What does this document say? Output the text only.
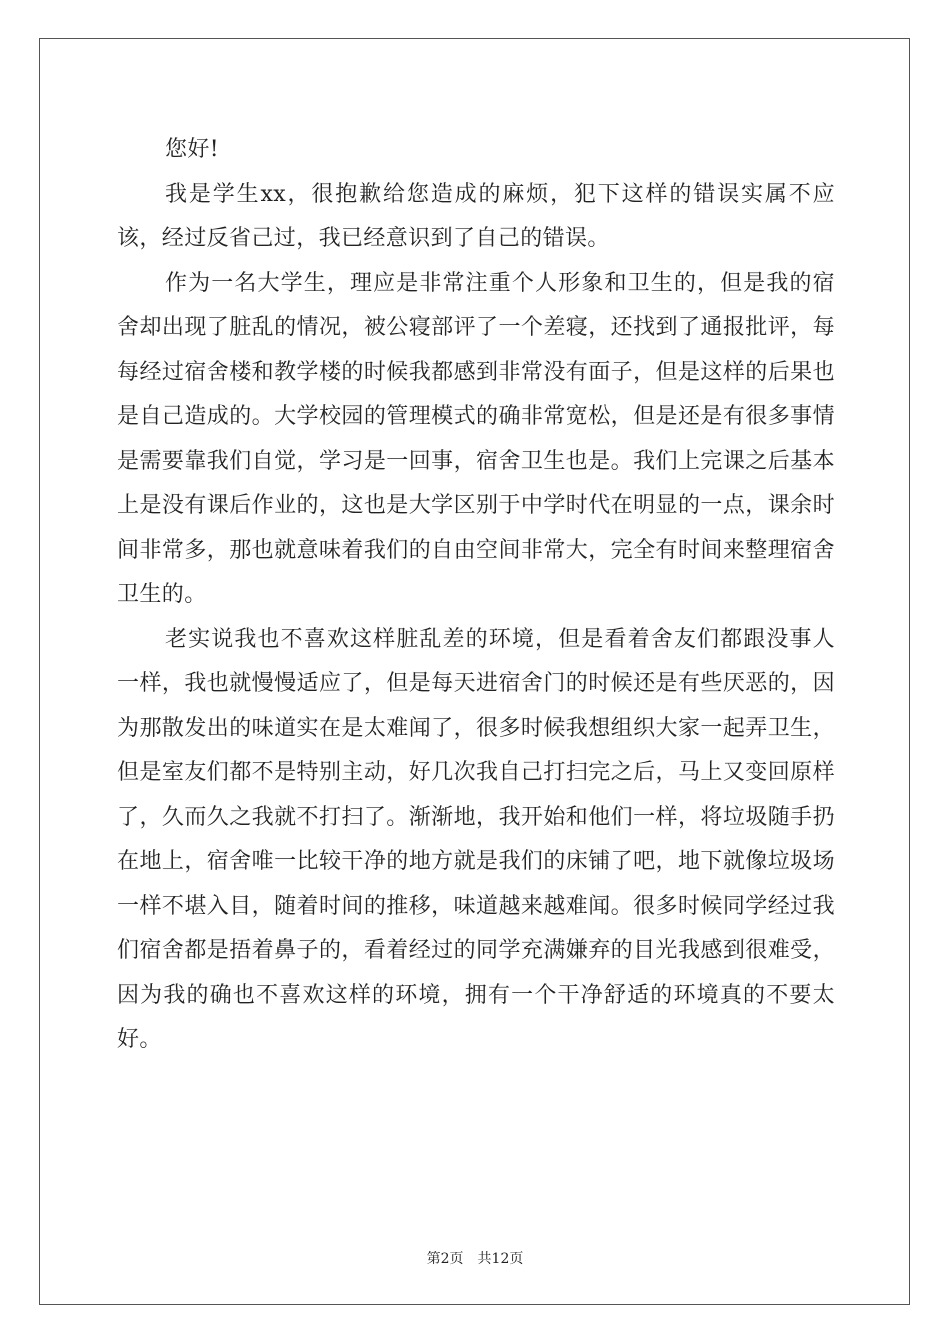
您好!

我是学生xx，很抱歉给您造成的麻烦，犯下这样的错误实属不应该，经过反省己过，我已经意识到了自己的错误。

作为一名大学生，理应是非常注重个人形象和卫生的，但是我的宿舍却出现了脏乱的情况，被公寝部评了一个差寝，还找到了通报批评，每每经过宿舍楼和教学楼的时候我都感到非常没有面子，但是这样的后果也是自己造成的。大学校园的管理模式的确非常宽松，但是还是有很多事情是需要靠我们自觉，学习是一回事，宿舍卫生也是。我们上完课之后基本上是没有课后作业的，这也是大学区别于中学时代在明显的一点，课余时间非常多，那也就意味着我们的自由空间非常大，完全有时间来整理宿舍卫生的。

老实说我也不喜欢这样脏乱差的环境，但是看着舍友们都跟没事人一样，我也就慢慢适应了，但是每天进宿舍门的时候还是有些厌恶的，因为那散发出的味道实在是太难闻了，很多时候我想组织大家一起弄卫生，但是室友们都不是特别主动，好几次我自己打扫完之后，马上又变回原样了，久而久之我就不打扫了。渐渐地，我开始和他们一样，将垃圾随手扔在地上，宿舍唯一比较干净的地方就是我们的床铺了吧，地下就像垃圾场一样不堪入目，随着时间的推移，味道越来越难闻。很多时候同学经过我们宿舍都是捂着鼻子的，看着经过的同学充满嫌弃的目光我感到很难受，因为我的确也不喜欢这样的环境，拥有一个干净舒适的环境真的不要太好。

第2页 共12页
